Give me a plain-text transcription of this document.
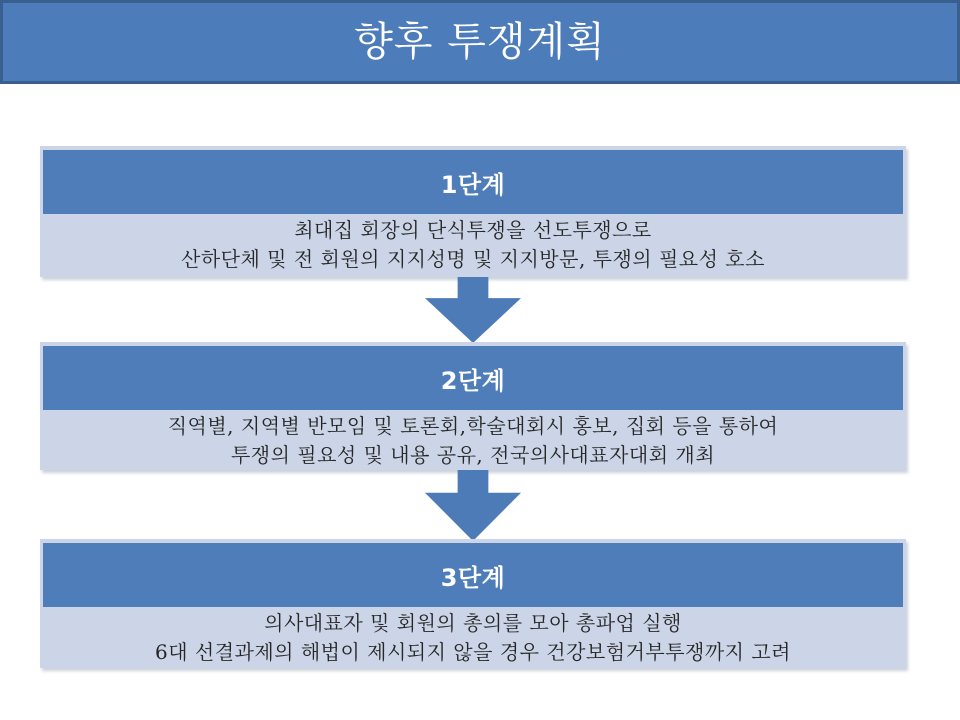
향후 투쟁계획
1단계
최대집 회장의 단식투쟁을 선도투쟁으로
산하단체 및 전 회원의 지지성명 및 지지방문, 투쟁의 필요성 호소
2단계
직역별, 지역별 반모임 및 토론회,학술대회시 홍보, 집회 등을 통하여
투쟁의 필요성 및 내용 공유, 전국의사대표자대회 개최
3단계
의사대표자 및 회원의 총의를 모아 총파업 실행
6대 선결과제의 해법이 제시되지 않을 경우 건강보험거부투쟁까지 고려
